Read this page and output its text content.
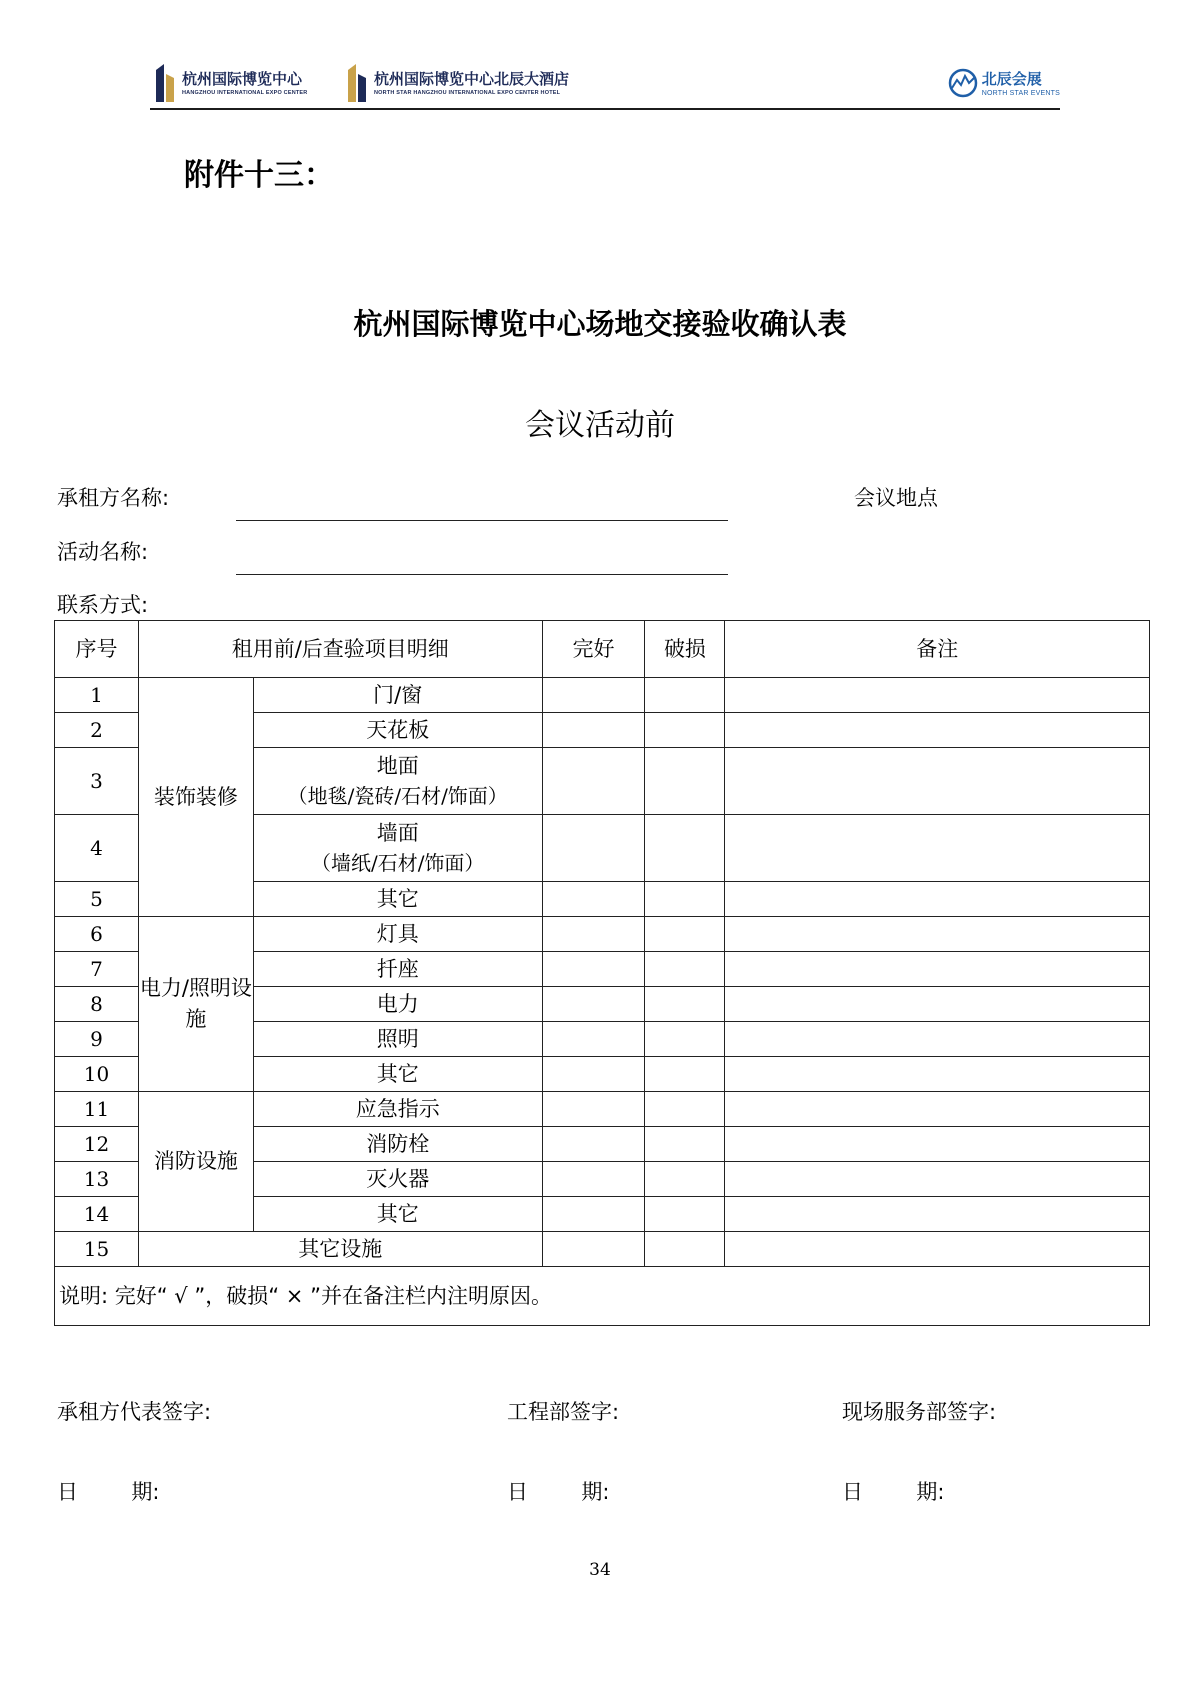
杭州国际博览中心
HANGZHOU INTERNATIONAL EXPO CENTER
杭州国际博览中心北辰大酒店
NORTH STAR HANGZHOU INTERNATIONAL EXPO CENTER HOTEL
北辰会展
NORTH STAR EVENTS
附件十三：
杭州国际博览中心场地交接验收确认表
会议活动前
承租方名称:	会议地点
活动名称:
联系方式:
序号	租用前/后查验项目明细		完好	破损	备注
1	装饰装修	门/窗			
2		天花板			
3		地面
（地毯/瓷砖/石材/饰面）			

4		墙面
（墙纸/石材/饰面）			

5		其它			
6	电力/照明设施	灯具			
7		扦座			
8		电力			
9		照明			
10		其它			
11	消防设施	应急指示			
12		消防栓			
13		灭火器			
14		其它			
15	其它设施				
说明: 完好“ √ ”，破损“ × ”并在备注栏内注明原因。					
承租方代表签字:	工程部签字:	现场服务部签字:
日        期:	日        期:	日        期:
34
